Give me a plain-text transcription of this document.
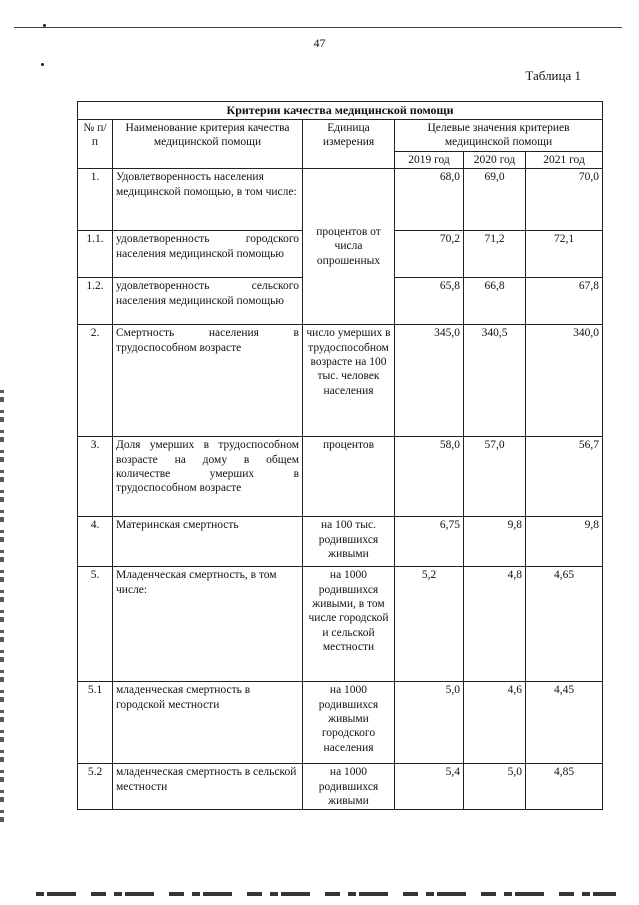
47
Таблица 1
Критерии качества медицинской помощи					
№ п/п	Наименование критерия качества медицинской помощи	Единица измерения	Целевые значения критериев медицинской помощи		
			2019 год	2020 год	2021 год
1.	Удовлетворенность населения медицинской помощью, в том числе:	процентов от числа опрошенных	68,0	69,0	70,0
1.1.	удовлетворенность городского населения медицинской помощью		70,2	71,2	72,1
1.2.	удовлетворенность сельского населения медицинской помощью		65,8	66,8	67,8
2.	Смертность населения в трудоспособном возрасте	число умерших в трудоспособном возрасте на 100 тыс. человек населения	345,0	340,5	340,0
3.	Доля умерших в трудоспособном возрасте на дому в общем количестве умерших в трудоспособном возрасте	процентов	58,0	57,0	56,7
4.	Материнская смертность	на 100 тыс. родившихся живыми	6,75	9,8	9,8
5.	Младенческая смертность, в том числе:	на 1000 родившихся живыми, в том числе городской и сельской местности	5,2	4,8	4,65
5.1	младенческая смертность в городской местности	на 1000 родившихся живыми городского населения	5,0	4,6	4,45
5.2	младенческая смертность в сельской местности	на 1000 родившихся живыми	5,4	5,0	4,85
